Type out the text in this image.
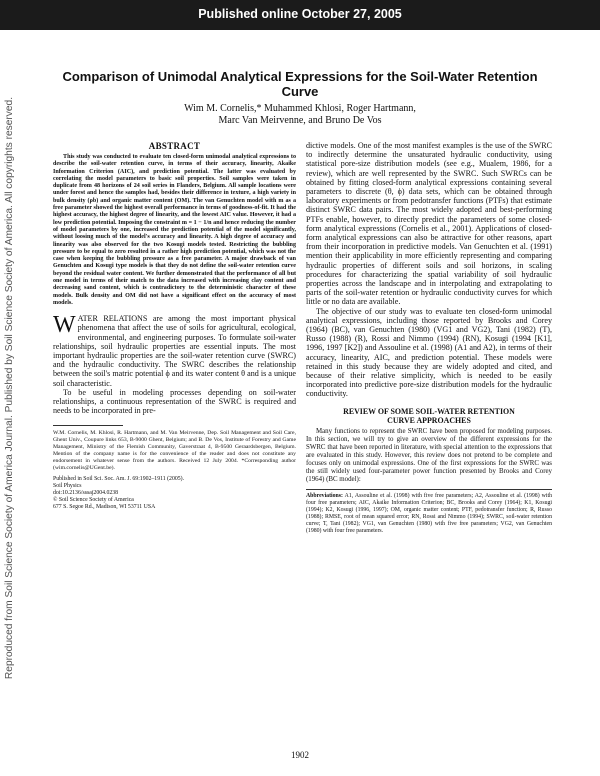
Published online October 27, 2005
Reproduced from Soil Science Society of America Journal. Published by Soil Science Society of America. All copyrights reserved.
Comparison of Unimodal Analytical Expressions for the Soil-Water Retention Curve
Wim M. Cornelis,* Muhammed Khlosi, Roger Hartmann,
Marc Van Meirvenne, and Bruno De Vos
ABSTRACT

This study was conducted to evaluate ten closed-form unimodal analytical expressions to describe the soil-water retention curve, in terms of their accuracy, linearity, Akaike Information Criterion (AIC), and prediction potential. The latter was evaluated by correlating the model parameters to basic soil properties. Soil samples were taken in duplicate from 48 horizons of 24 soil series in Flanders, Belgium. All sample locations were under forest and hence the samples had, besides their difference in texture, a high variety in bulk density (ρb) and organic matter content (OM). The van Genuchten model with m as a free parameter showed the highest overall performance in terms of goodness-of-fit. It had the highest accuracy, the highest degree of linearity, and the lowest AIC value. However, it had a low prediction potential. Imposing the constraint m = 1 − 1/n and hence reducing the number of model parameters by one, increased the prediction potential of the model significantly, without loosing much of the model's accuracy and linearity. A high degree of accuracy and linearity was also observed for the two Kosugi models tested. Restricting the bubbling pressure to be equal to zero resulted in a rather high prediction potential, which was not the case when keeping the bubbling pressure as a free parameter. A major drawback of van Genuchten and Kosugi type models is that they do not define the soil-water retention curve beyond the residual water content. We further demonstrated that the performance of all but one model in terms of their match to the data increased with increasing clay content and decreasing sand content, which is contradictory to the deterministic character of these models. Bulk density and OM did not have a significant effect on the accuracy of most models.

WATER RELATIONS are among the most important physical phenomena that affect the use of soils for agricultural, ecological, environmental, and engineering purposes. To formulate soil-water relationships, soil hydraulic properties are essential inputs. The most important hydraulic properties are the soil-water retention curve (SWRC) and the hydraulic conductivity. The SWRC describes the relationship between the soil's matric potential ϕ and its water content θ and is a unique soil characteristic.

To be useful in modeling processes depending on soil-water relationships, a continuous representation of the SWRC is required and needs to be incorporated in pre-

W.M. Cornelis, M. Khlosi, R. Hartmann, and M. Van Meirvenne, Dep. Soil Management and Soil Care, Ghent Univ., Coupure links 653, B-9000 Ghent, Belgium; and B. De Vos, Institute of Forestry and Game Management, Ministry of the Flemish Community, Gaverstraat 4, B-9500 Geraardsbergen, Belgium. Mention of the company name is for the convenience of the reader and does not constitute any endorsement in whatever sense from the authors. Received 12 July 2004. *Corresponding author (wim.cornelis@UGent.be).

Published in Soil Sci. Soc. Am. J. 69:1902–1911 (2005).

Soil Physics

doi:10.2136/sssaj2004.0238

© Soil Science Society of America

677 S. Segoe Rd., Madison, WI 53711 USA

dictive models. One of the most manifest examples is the use of the SWRC to indirectly determine the unsaturated hydraulic conductivity, using statistical pore-size distribution models (see e.g., Mualem, 1986, for a review), which are well represented by the SWRC. Such SWRCs can be obtained by fitting closed-form analytical expressions containing several parameters to discrete (θ, ϕ) data sets, which can be obtained through laboratory experiments or from pedotransfer functions (PTFs) that estimate distinct SWRC data pairs. The most widely adopted and best-performing PTFs enable, however, to directly predict the parameters of some closed-form analytical expressions (Cornelis et al., 2001). Applications of closed-form analytical expressions can also be attractive for other reasons, apart from their incorporation in predictive models. Van Genuchten et al. (1991) mention their applicability in more efficiently representing and comparing hydraulic properties of different soils and soil horizons, in scaling procedures for characterizing the spatial variability of soil hydraulic properties across the landscape and in interpolating and extrapolating to parts of the soil-water retention or hydraulic conductivity curves for which little or no data are available.

The objective of our study was to evaluate ten closed-form unimodal analytical expressions, including those reported by Brooks and Corey (1964) (BC), van Genuchten (1980) (VG1 and VG2), Tani (1982) (T), Russo (1988) (R), Rossi and Nimmo (1994) (RN), Kosugi (1994 [K1], 1996, 1997 [K2]) and Assouline et al. (1998) (A1 and A2), in terms of their accuracy, linearity, AIC, and prediction potential. These models were retained in this study because they are widely adopted and cited, and because of their relative simplicity, which is needed to be easily incorporated into predictive pore-size distribution models for the hydraulic conductivity.

REVIEW OF SOME SOIL-WATER RETENTION
CURVE APPROACHES

Many functions to represent the SWRC have been proposed for modeling purposes. In this section, we will try to give an overview of the different expressions for the SWRC that have been reported in literature, with special attention to the expressions that are evaluated in this study. However, this review does not pretend to be complete and focuses only on unimodal expressions. One of the first expressions for the SWRC was the still widely used four-parameter power function presented by Brooks and Corey (1964) (BC model):

Abbreviations: A1, Assouline et al. (1998) with five free parameters; A2, Assouline et al. (1998) with four free parameters; AIC, Akaike Information Criterion; BC, Brooks and Corey (1964); K1, Kosugi (1994); K2, Kosugi (1996, 1997); OM, organic matter content; PTF, pedotransfer function; R, Russo (1988); RMSE, root of mean squared error; RN, Rossi and Nimmo (1994); SWRC, soil-water retention curve; T, Tani (1982); VG1, van Genuchten (1980) with five free parameters; VG2, van Genuchten (1980) with four free parameters.

1902
